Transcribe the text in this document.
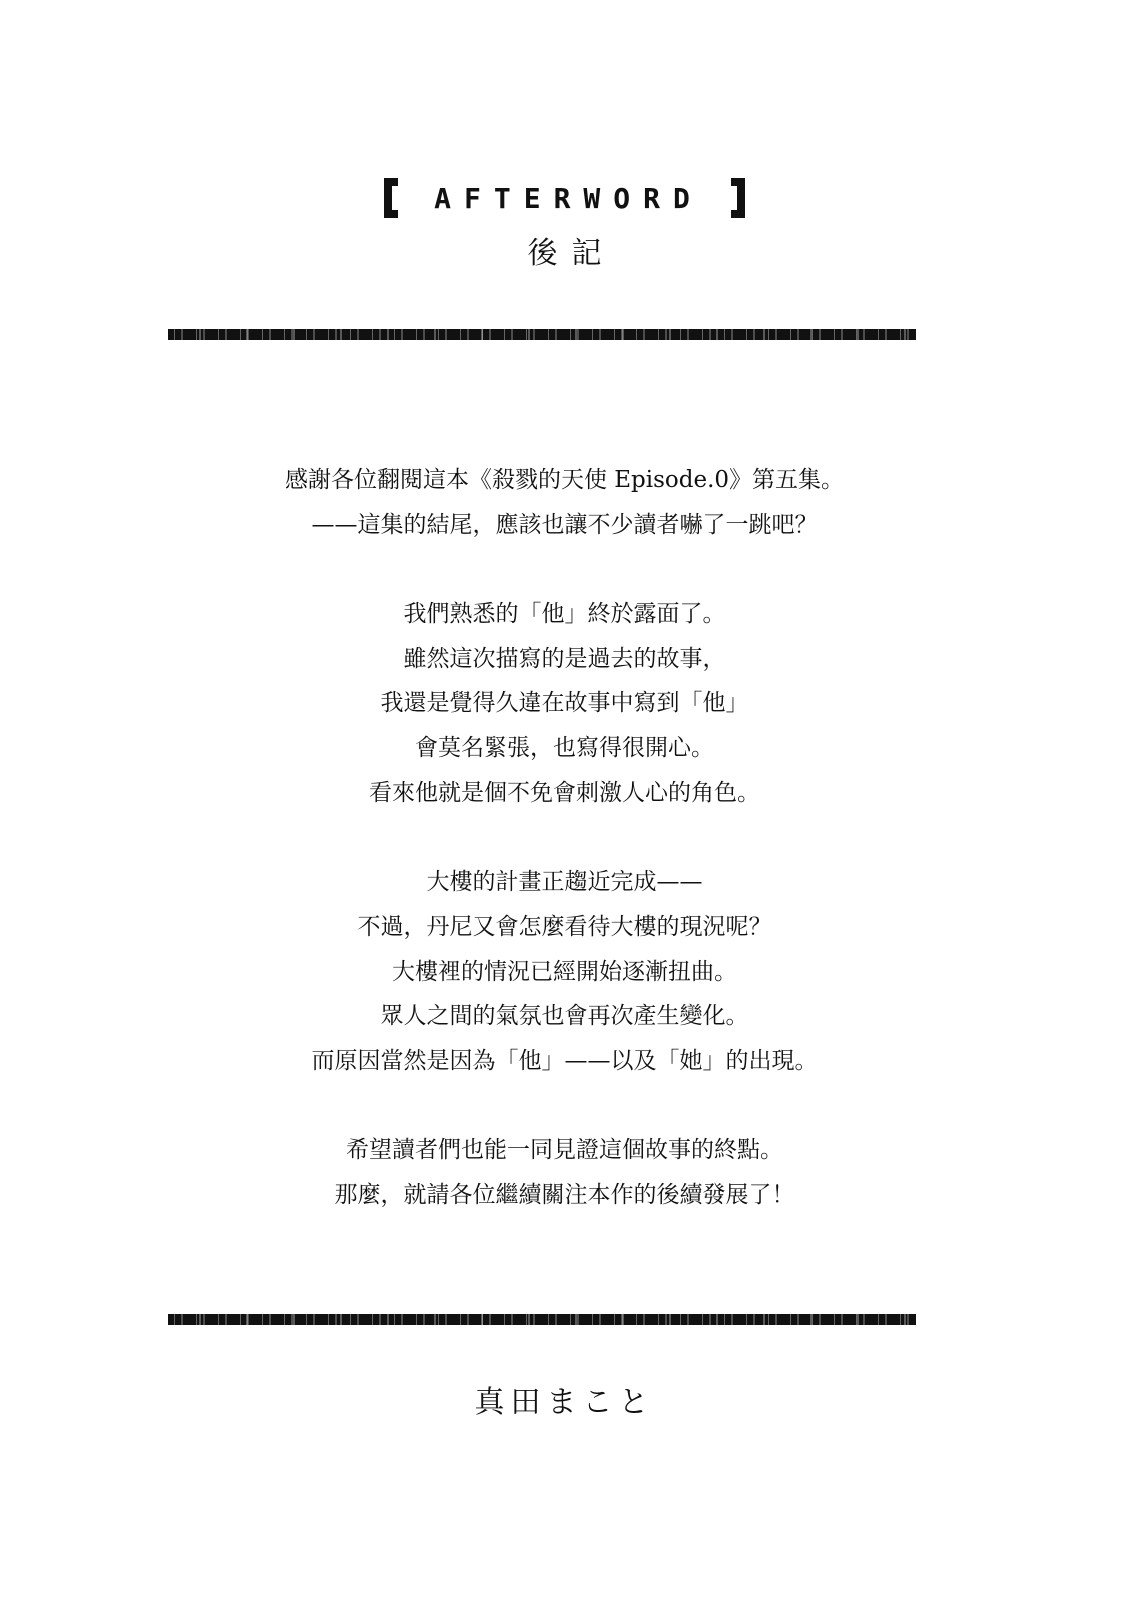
AFTERWORD
後記
感謝各位翻閱這本《殺戮的天使 Episode.0》第五集。
——這集的結尾，應該也讓不少讀者嚇了一跳吧？
我們熟悉的「他」終於露面了。
雖然這次描寫的是過去的故事，
我還是覺得久違在故事中寫到「他」
會莫名緊張，也寫得很開心。
看來他就是個不免會刺激人心的角色。
大樓的計畫正趨近完成——
不過，丹尼又會怎麼看待大樓的現況呢？
大樓裡的情況已經開始逐漸扭曲。
眾人之間的氣氛也會再次產生變化。
而原因當然是因為「他」——以及「她」的出現。
希望讀者們也能一同見證這個故事的終點。
那麼，就請各位繼續關注本作的後續發展了！
真田まこと
